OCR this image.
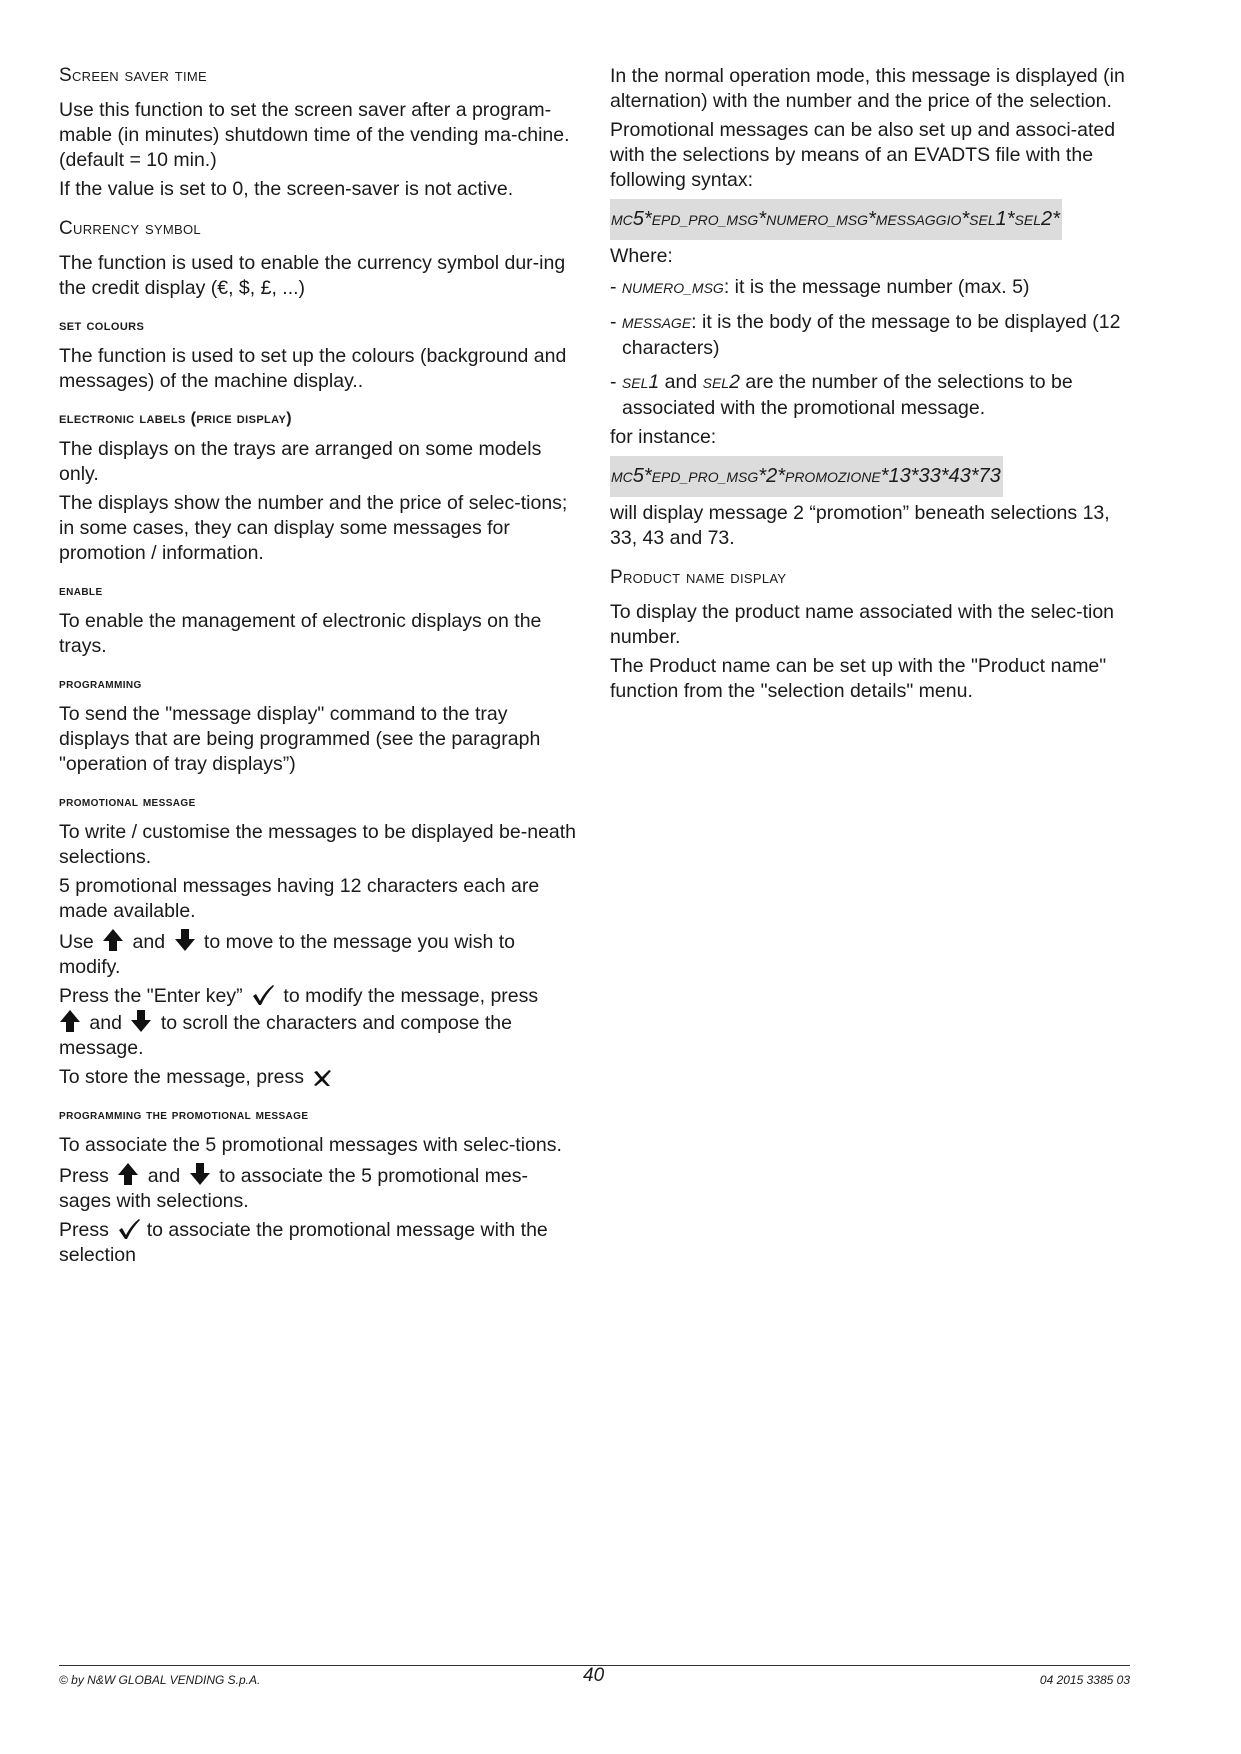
Screen saver time

Use this function to set the screen saver after a program-mable (in minutes) shutdown time of the vending ma-chine. (default = 10 min.)

If the value is set to 0, the screen-saver is not active.

Currency symbol

The function is used to enable the currency symbol dur-ing the credit display (€, $, £, ...)

set colours

The function is used to set up the colours (background and messages) of the machine display..

electronic labels (price display)

The displays on the trays are arranged on some models only.

The displays show the number and the price of selec-tions; in some cases, they can display some messages for promotion / information.

enable

To enable the management of electronic displays on the trays.

programming

To send the "message display" command to the tray displays that are being programmed (see the paragraph "operation of tray displays”)

promotional message

To write / customise the messages to be displayed be-neath selections.

5 promotional messages having 12 characters each are made available.

Use and to move to the message you wish to modify.

Press the "Enter key” to modify the message, press

and to scroll the characters and compose the message.

To store the message, press

programming the promotional message

To associate the 5 promotional messages with selec-tions.

Press and to associate the 5 promotional mes-sages with selections.

Press to associate the promotional message with the selection

In the normal operation mode, this message is displayed (in alternation) with the number and the price of the selection.

Promotional messages can be also set up and associ-ated with the selections by means of an EVADTS file with the following syntax:

MC5*EPD_PRO_MSG*NUMERO_MSG*MESSAGGIO*SEL1*SEL2*

Where:

- NUMERO_MSG: it is the message number (max. 5)

- MESSAGE: it is the body of the message to be displayed (12 characters)

- SEL1 and SEL2 are the number of the selections to be associated with the promotional message.

for instance:

MC5*EPD_PRO_MSG*2*PROMOZIONE*13*33*43*73

will display message 2 “promotion” beneath selections 13, 33, 43 and 73.

Product name display

To display the product name associated with the selec-tion number.

The Product name can be set up with the "Product name" function from the "selection details" menu.

© by N&W GLOBAL VENDING S.p.A.	40	04 2015 3385 03
